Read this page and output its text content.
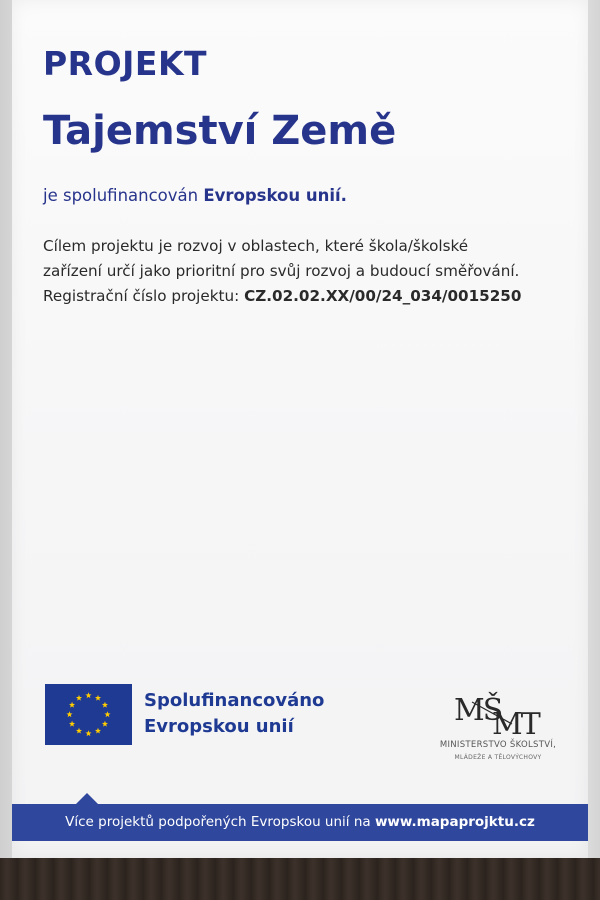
PROJEKT
Tajemství Země

je spolufinancován Evropskou unií.

Cílem projektu je rozvoj v oblastech, které škola/školské
zařízení určí jako prioritní pro svůj rozvoj a budoucí směřování.
Registrační číslo projektu: CZ.02.02.XX/00/24_034/0015250

Spolufinancováno
Evropskou unií	MŠ
MT
MINISTERSTVO ŠKOLSTVÍ,
MLÁDEŽE A TĚLOVÝCHOVY
Více projektů podpořených Evropskou unií na www.mapaprojktu.cz
